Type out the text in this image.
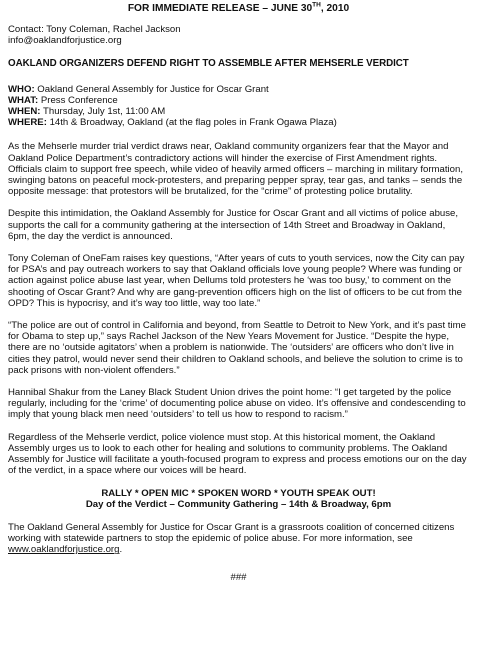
FOR IMMEDIATE RELEASE – JUNE 30TH, 2010
Contact: Tony Coleman, Rachel Jackson
info@oaklandforjustice.org
OAKLAND ORGANIZERS DEFEND RIGHT TO ASSEMBLE AFTER MEHSERLE VERDICT
WHO: Oakland General Assembly for Justice for Oscar Grant
WHAT: Press Conference
WHEN: Thursday, July 1st, 11:00 AM
WHERE: 14th & Broadway, Oakland (at the flag poles in Frank Ogawa Plaza)

As the Mehserle murder trial verdict draws near, Oakland community organizers fear that the Mayor and Oakland Police Department’s contradictory actions will hinder the exercise of First Amendment rights. Officials claim to support free speech, while video of heavily armed officers – marching in military formation, swinging batons on peaceful mock-protesters, and preparing pepper spray, tear gas, and tanks – sends the opposite message: that protestors will be brutalized, for the “crime” of protesting police brutality.

Despite this intimidation, the Oakland Assembly for Justice for Oscar Grant and all victims of police abuse, supports the call for a community gathering at the intersection of 14th Street and Broadway in Oakland, 6pm, the day the verdict is announced.

Tony Coleman of OneFam raises key questions, “After years of cuts to youth services, now the City can pay for PSA’s and pay outreach workers to say that Oakland officials love young people? Where was funding or action against police abuse last year, when Dellums told protesters he ‘was too busy,’ to comment on the shooting of Oscar Grant? And why are gang-prevention officers high on the list of officers to be cut from the OPD? This is hypocrisy, and it’s way too little, way too late.”

“The police are out of control in California and beyond, from Seattle to Detroit to New York, and it’s past time for Obama to step up,” says Rachel Jackson of the New Years Movement for Justice. “Despite the hype, there are no ‘outside agitators’ when a problem is nationwide. The ‘outsiders’ are officers who don’t live in cities they patrol, would never send their children to Oakland schools, and believe the solution to crime is to pack prisons with non-violent offenders.”

Hannibal Shakur from the Laney Black Student Union drives the point home: “I get targeted by the police regularly, including for the ‘crime’ of documenting police abuse on video. It’s offensive and condescending to imply that young black men need ‘outsiders’ to tell us how to respond to racism.”

Regardless of the Mehserle verdict, police violence must stop. At this historical moment, the Oakland Assembly urges us to look to each other for healing and solutions to community problems. The Oakland Assembly for Justice will facilitate a youth-focused program to express and process emotions our on the day of the verdict, in a space where our voices will be heard.

RALLY * OPEN MIC * SPOKEN WORD * YOUTH SPEAK OUT!
Day of the Verdict – Community Gathering – 14th & Broadway, 6pm

The Oakland General Assembly for Justice for Oscar Grant is a grassroots coalition of concerned citizens working with statewide partners to stop the epidemic of police abuse. For more information, see www.oaklandforjustice.org.

###
